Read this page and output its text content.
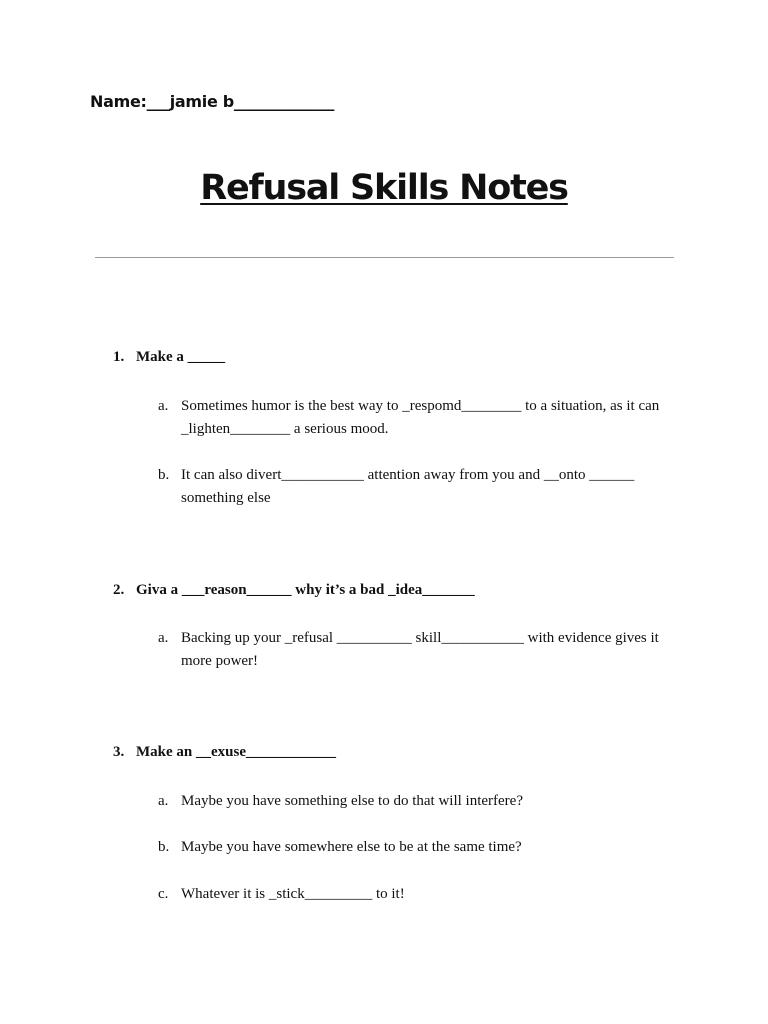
Name:___jamie b_____________
Refusal Skills Notes
1. Make a _____
a. Sometimes humor is the best way to _respomd________ to a situation, as it can _lighten________ a serious mood.
b. It can also divert___________ attention away from you and __onto ______ something else
2. Giva a ___reason______ why it’s a bad _idea_______
a. Backing up your _refusal __________ skill___________ with evidence gives it more power!
3. Make an __exuse____________
a. Maybe you have something else to do that will interfere?
b. Maybe you have somewhere else to be at the same time?
c. Whatever it is _stick_________ to it!
